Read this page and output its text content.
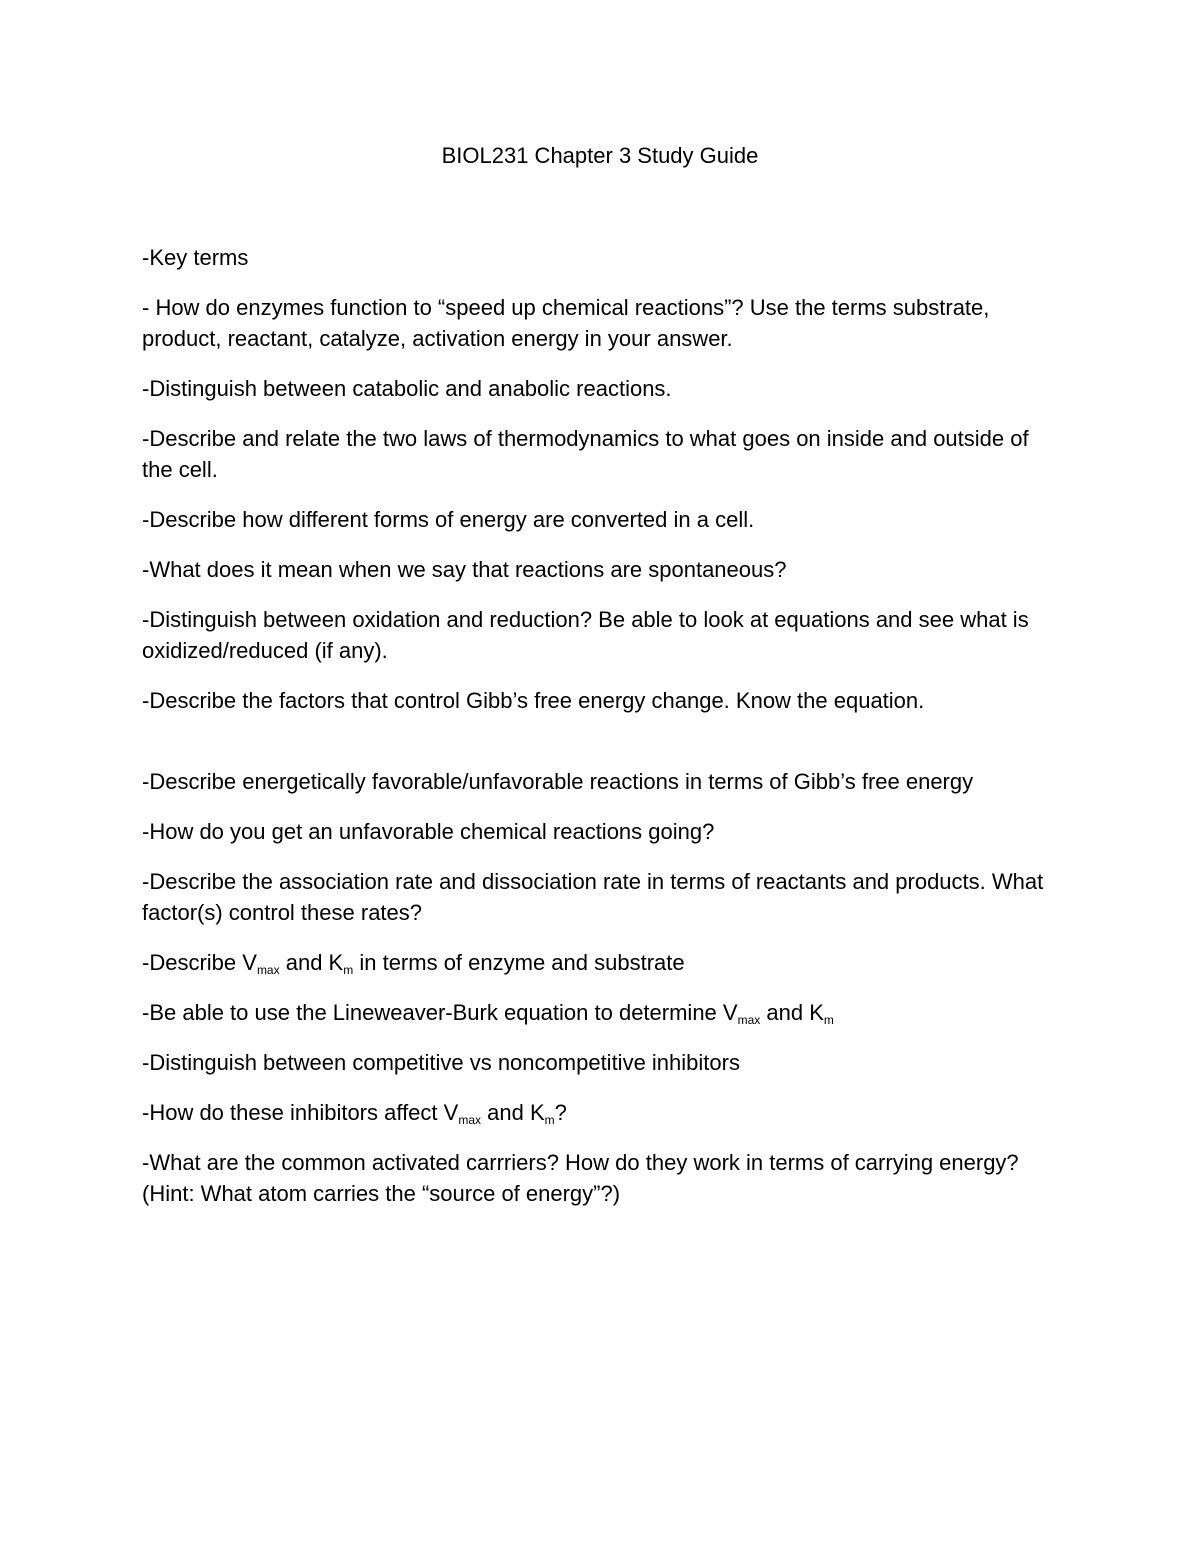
BIOL231 Chapter 3 Study Guide

-Key terms

- How do enzymes function to “speed up chemical reactions”? Use the terms substrate, product, reactant, catalyze, activation energy in your answer.

-Distinguish between catabolic and anabolic reactions.

-Describe and relate the two laws of thermodynamics to what goes on inside and outside of the cell.

-Describe how different forms of energy are converted in a cell.

-What does it mean when we say that reactions are spontaneous?

-Distinguish between oxidation and reduction? Be able to look at equations and see what is oxidized/reduced (if any).

-Describe the factors that control Gibb’s free energy change. Know the equation.

-Describe energetically favorable/unfavorable reactions in terms of Gibb’s free energy

-How do you get an unfavorable chemical reactions going?

-Describe the association rate and dissociation rate in terms of reactants and products. What factor(s) control these rates?

-Describe $V_{max}$ and $K_m$ in terms of enzyme and substrate

-Be able to use the Lineweaver-Burk equation to determine $V_{max}$ and $K_m$

-Distinguish between competitive vs noncompetitive inhibitors

-How do these inhibitors affect $V_{max}$ and $K_m$?

-What are the common activated carrriers? How do they work in terms of carrying energy?(Hint: What atom carries the “source of energy”?)
